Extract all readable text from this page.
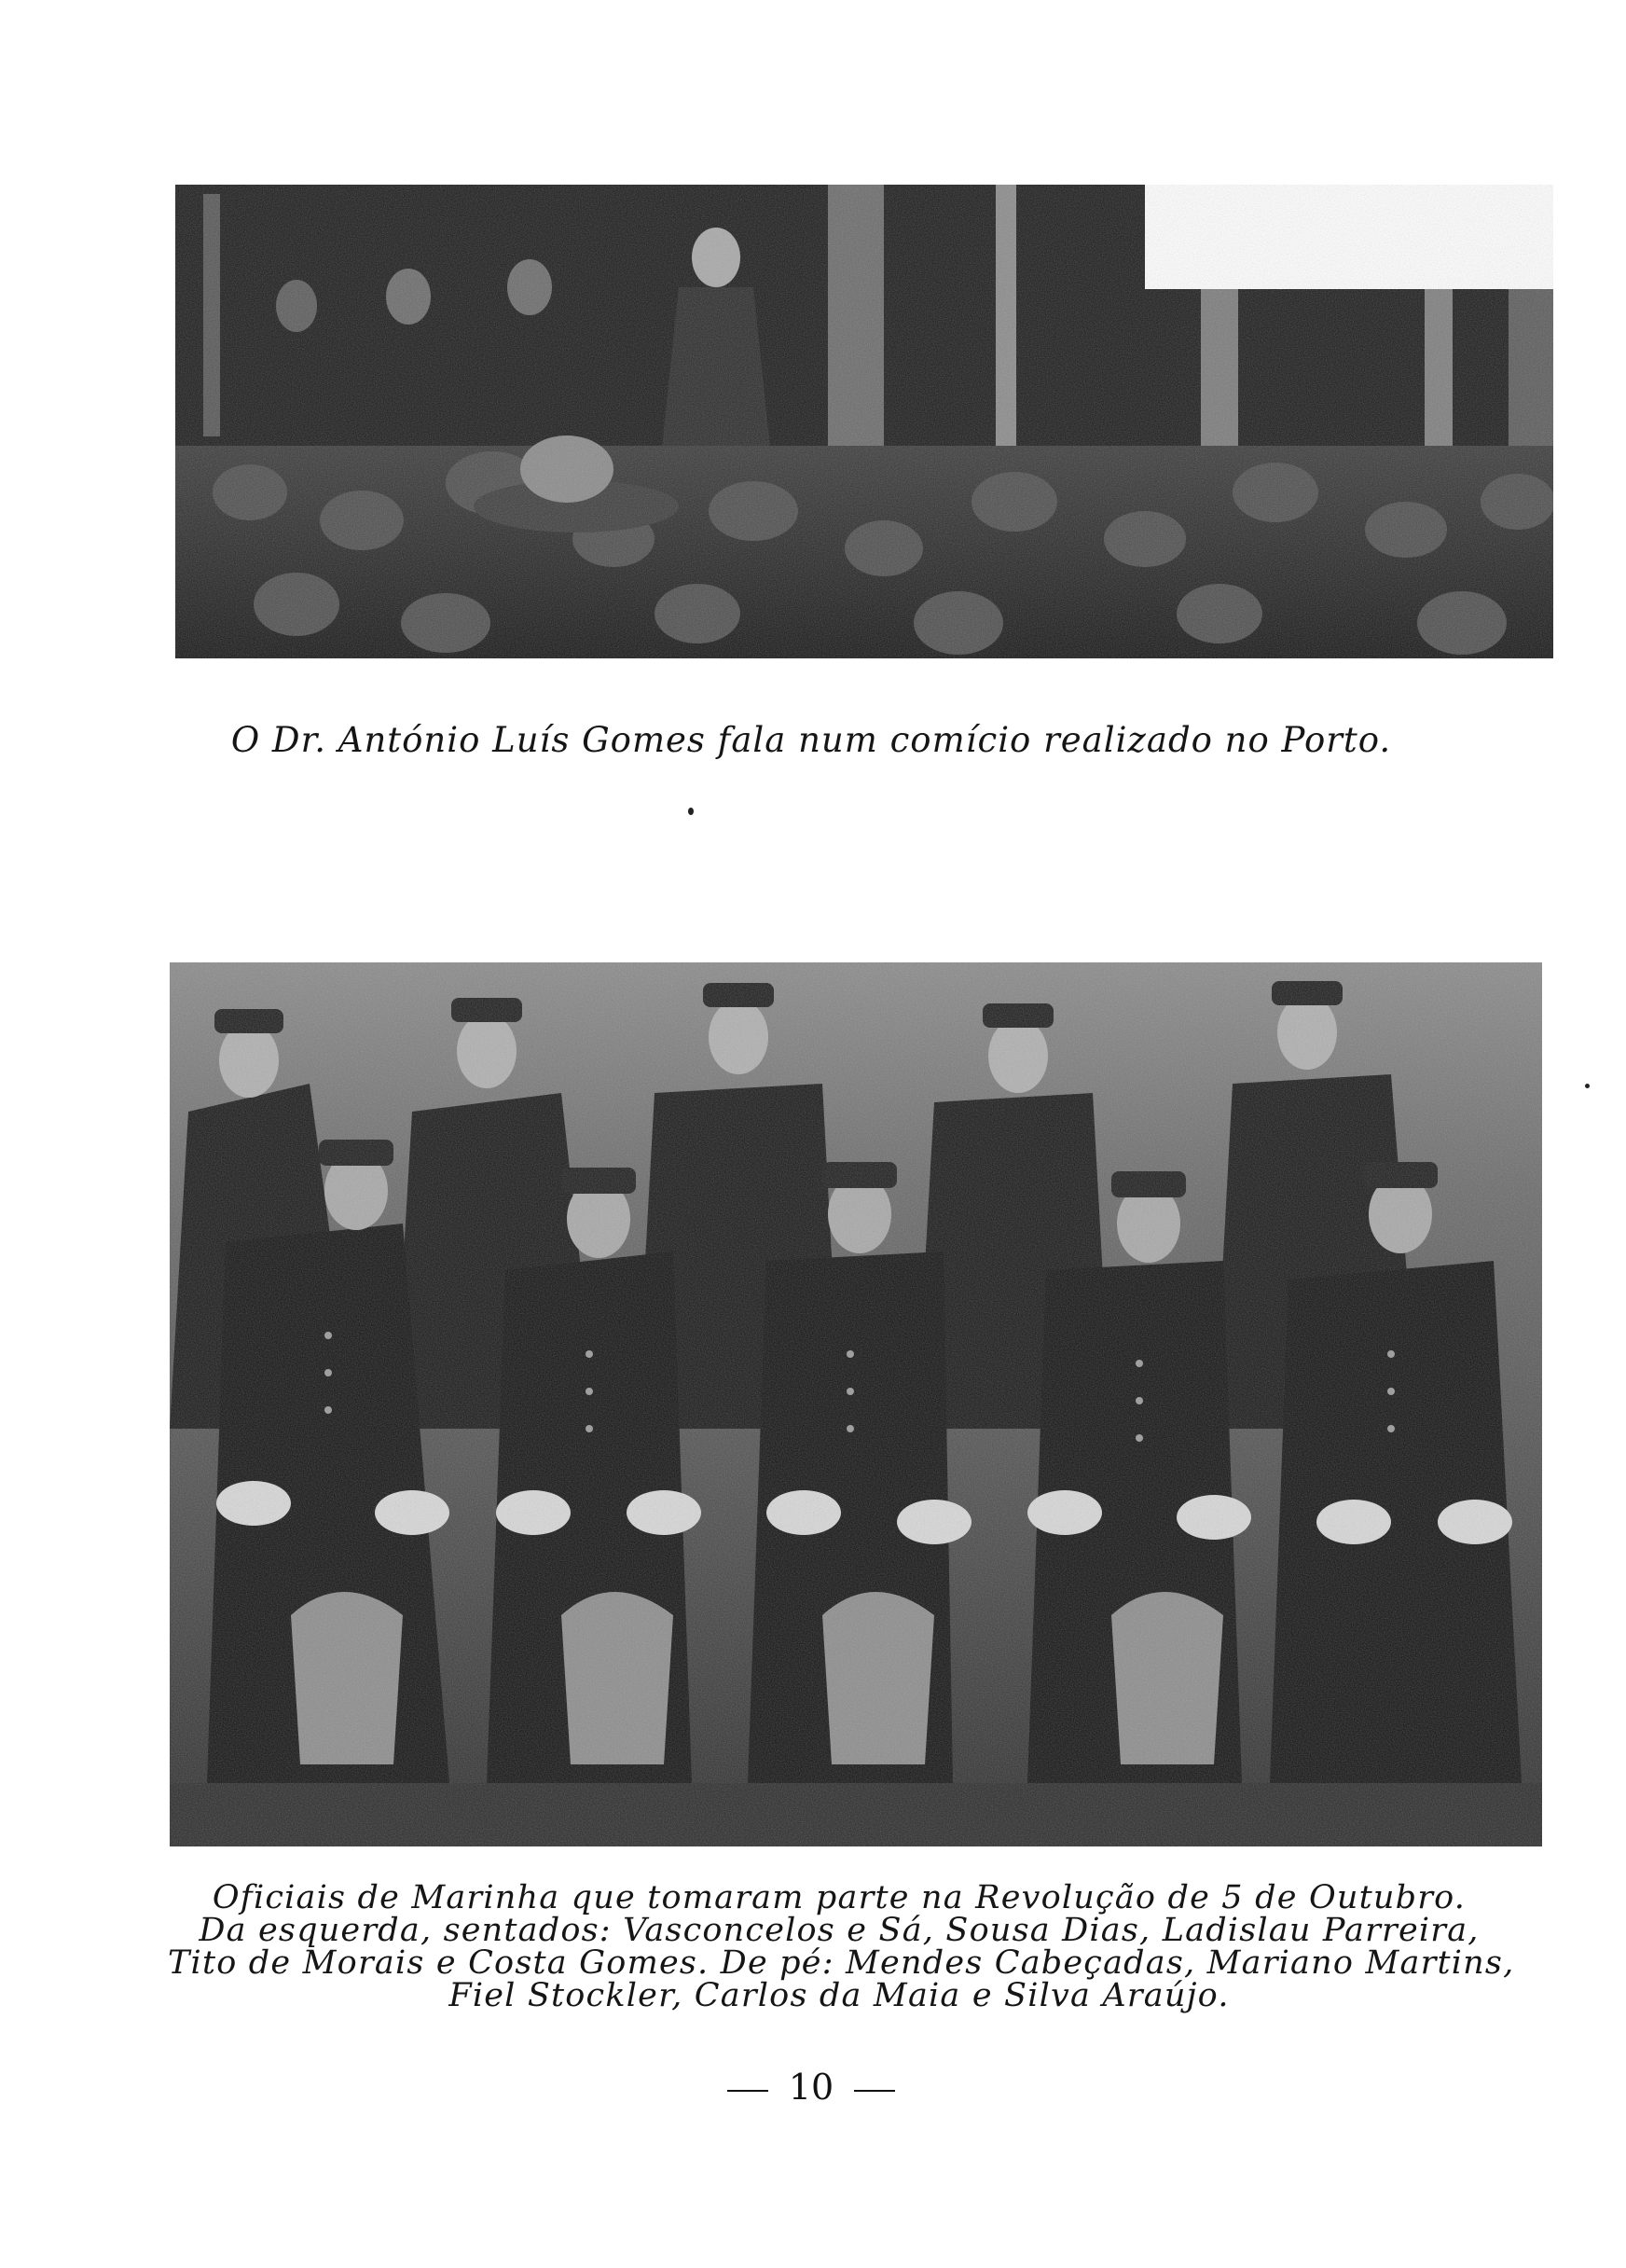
O Dr. António Luís Gomes fala num comício realizado no Porto.

Oficiais de Marinha que tomaram parte na Revolução de 5 de Outubro.
Da esquerda, sentados: Vasconcelos e Sá, Sousa Dias, Ladislau Parreira,
Tito de Morais e Costa Gomes. De pé: Mendes Cabeçadas, Mariano Martins,
Fiel Stockler, Carlos da Maia e Silva Araújo.

10
